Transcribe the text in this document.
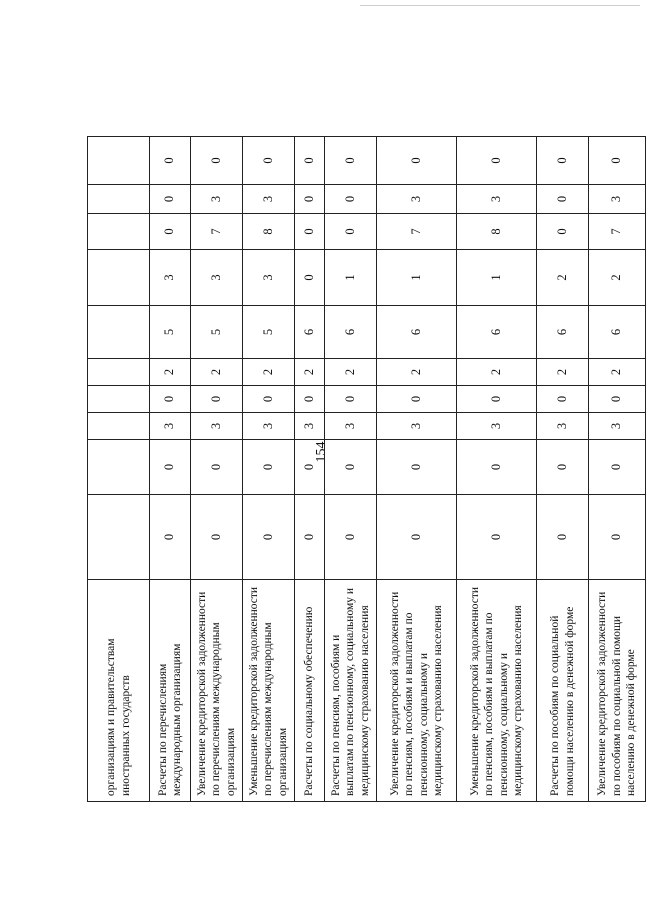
154
организациям и правительствам иностранных государств										
Расчеты по перечислениям международным организациям	0	0	3	0	2	5	3	0	0	0
Увеличение кредиторской задолженности по перечислениям международным организациям	0	0	3	0	2	5	3	7	3	0
Уменьшение кредиторской задолженности по перечислениям международным организациям	0	0	3	0	2	5	3	8	3	0
Расчеты по социальному обеспечению	0	0	3	0	2	6	0	0	0	0
Расчеты по пенсиям, пособиям и выплатам по пенсионному, социальному и медицинскому страхованию населения	0	0	3	0	2	6	1	0	0	0
Увеличение кредиторской задолженности по пенсиям, пособиям и выплатам по пенсионному, социальному и медицинскому страхованию населения	0	0	3	0	2	6	1	7	3	0
Уменьшение кредиторской задолженности по пенсиям, пособиям и выплатам по пенсионному, социальному и медицинскому страхованию населения	0	0	3	0	2	6	1	8	3	0
Расчеты по пособиям по социальной помощи населению в денежной форме	0	0	3	0	2	6	2	0	0	0
Увеличение кредиторской задолженности по пособиям по социальной помощи населению в денежной форме	0	0	3	0	2	6	2	7	3	0
